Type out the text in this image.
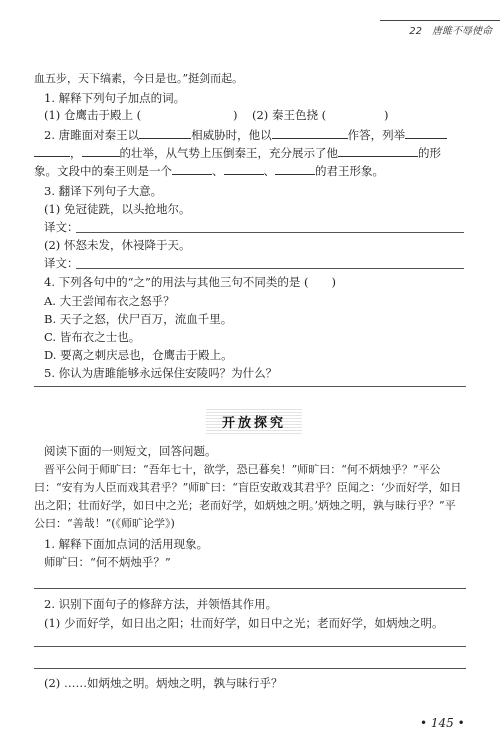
22　唐雎不辱使命
血五步，天下缟素，今日是也。”挺剑而起。
1. 解释下列句子加点的词。
(1) 仓鹰击于殿上 (	) (2) 秦王色挠 (	)
2. 唐雎面对秦王以	相威胁时，他以	作答，列举
，	的壮举，从气势上压倒秦王，充分展示了他	的形
象。文段中的秦王则是一个	、	、	的君王形象。
3. 翻译下列句子大意。
(1) 免冠徒跣，以头抢地尔。
译文：
(2) 怀怒未发，休祲降于天。
译文：
4. 下列各句中的“之”的用法与其他三句不同类的是 (　　)
A. 大王尝闻布衣之怒乎？
B. 天子之怒，伏尸百万，流血千里。
C. 皆布衣之士也。
D. 要离之刺庆忌也，仓鹰击于殿上。
5. 你认为唐雎能够永远保住安陵吗？为什么？
开放探究
阅读下面的一则短文，回答问题。
晋平公问于师旷曰：“吾年七十，欲学，恐已暮矣！”师旷曰：“何不炳烛乎？”平公
曰：“安有为人臣而戏其君乎？”师旷曰：“盲臣安敢戏其君乎？臣闻之：‘少而好学，如日
出之阳；壮而好学，如日中之光；老而好学，如炳烛之明。’炳烛之明，孰与昧行乎？”平
公曰：“善哉！”(《师旷论学》)
1. 解释下面加点词的活用现象。
师旷曰：“何不炳烛乎？”
2. 识别下面句子的修辞方法，并领悟其作用。
(1) 少而好学，如日出之阳；壮而好学，如日中之光；老而好学，如炳烛之明。
(2) ……如炳烛之明。炳烛之明，孰与昧行乎？
• 145 •
